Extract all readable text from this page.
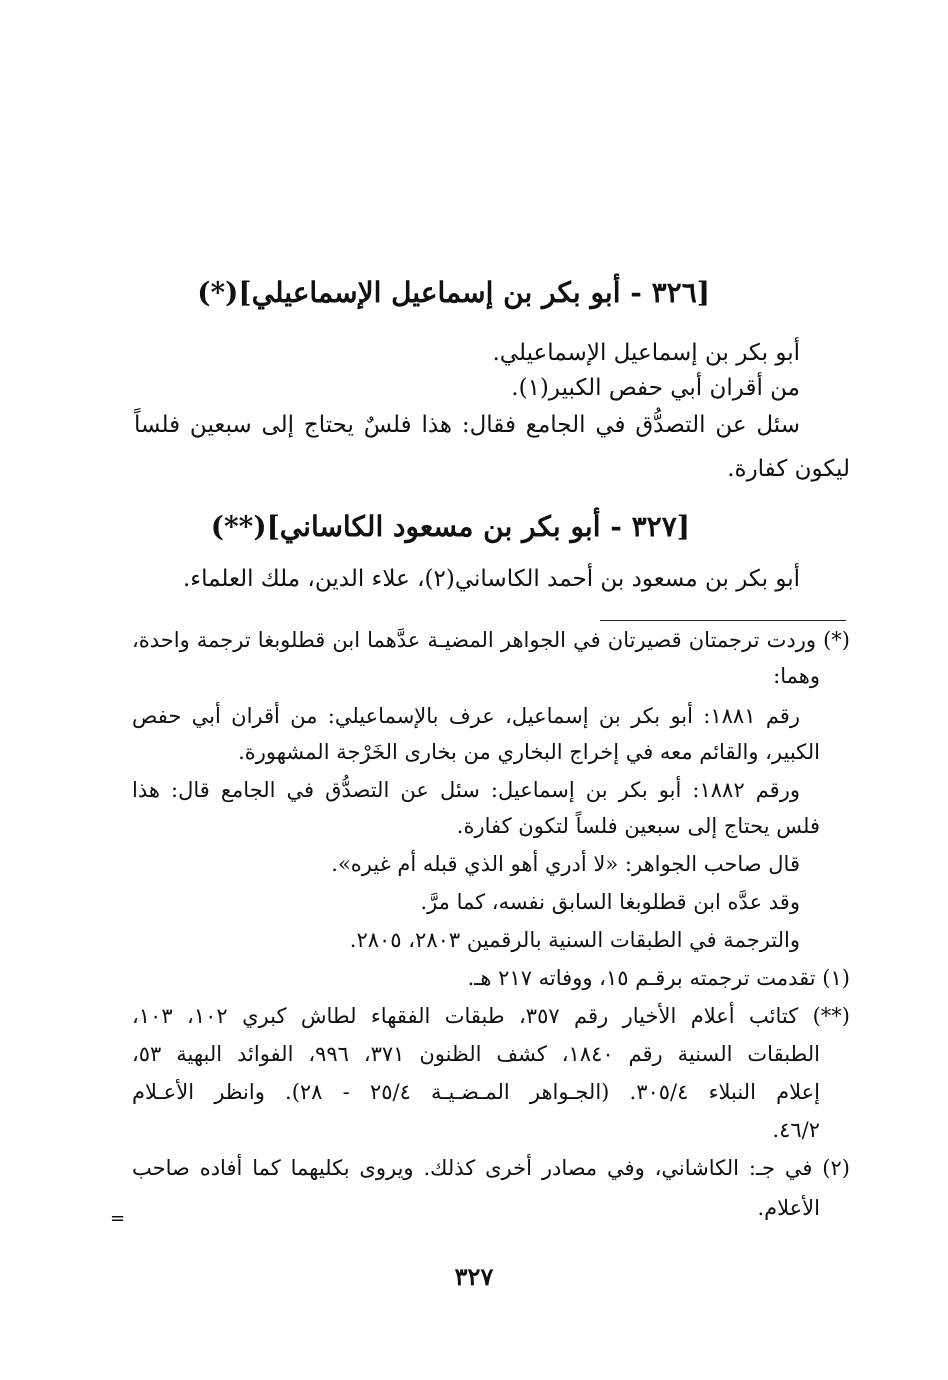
[٣٢٦ - أبو بكر بن إسماعيل الإسماعيلي](*)
أبو بكر بن إسماعيل الإسماعيلي.
من أقران أبي حفص الكبير(١).
سئل عن التصدُّق في الجامع فقال: هذا فلسٌ يحتاج إلى سبعين فلساً
ليكون كفارة.
[٣٢٧ - أبو بكر بن مسعود الكاساني](**)
أبو بكر بن مسعود بن أحمد الكاساني(٢)، علاء الدين، ملك العلماء.
(*) وردت ترجمتان قصيرتان في الجواهر المضيـة عدَّهما ابن قطلوبغا ترجمة واحدة،
وهما:
رقم ١٨٨١: أبو بكر بن إسماعيل، عرف بالإسماعيلي: من أقران أبي حفص
الكبير، والقائم معه في إخراج البخاري من بخارى الخَرْجة المشهورة.
ورقم ١٨٨٢: أبو بكر بن إسماعيل: سئل عن التصدُّق في الجامع قال: هذا
فلس يحتاج إلى سبعين فلساً لتكون كفارة.
قال صاحب الجواهر: «لا أدري أهو الذي قبله أم غيره».
وقد عدَّه ابن قطلوبغا السابق نفسه، كما مرَّ.
والترجمة في الطبقات السنية بالرقمين ٢٨٠٣، ٢٨٠٥.
(١) تقدمت ترجمته برقـم ١٥، ووفاته ٢١٧ هـ.
(**) كتائب أعلام الأخيار رقم ٣٥٧، طبقات الفقهاء لطاش كبري ١٠٢، ١٠٣،
الطبقات السنية رقم ١٨٤٠، كشف الظنون ٣٧١، ٩٩٦، الفوائد البهية ٥٣،
إعلام النبلاء ٣٠٥/٤. (الجـواهر المـضـيـة ٢٥/٤ - ٢٨). وانظر الأعـلام
٤٦/٢.
(٢) في جـ: الكاشاني، وفي مصادر أخرى كذلك. ويروى بكليهما كما أفاده صاحب
الأعلام.
=
٣٢٧
